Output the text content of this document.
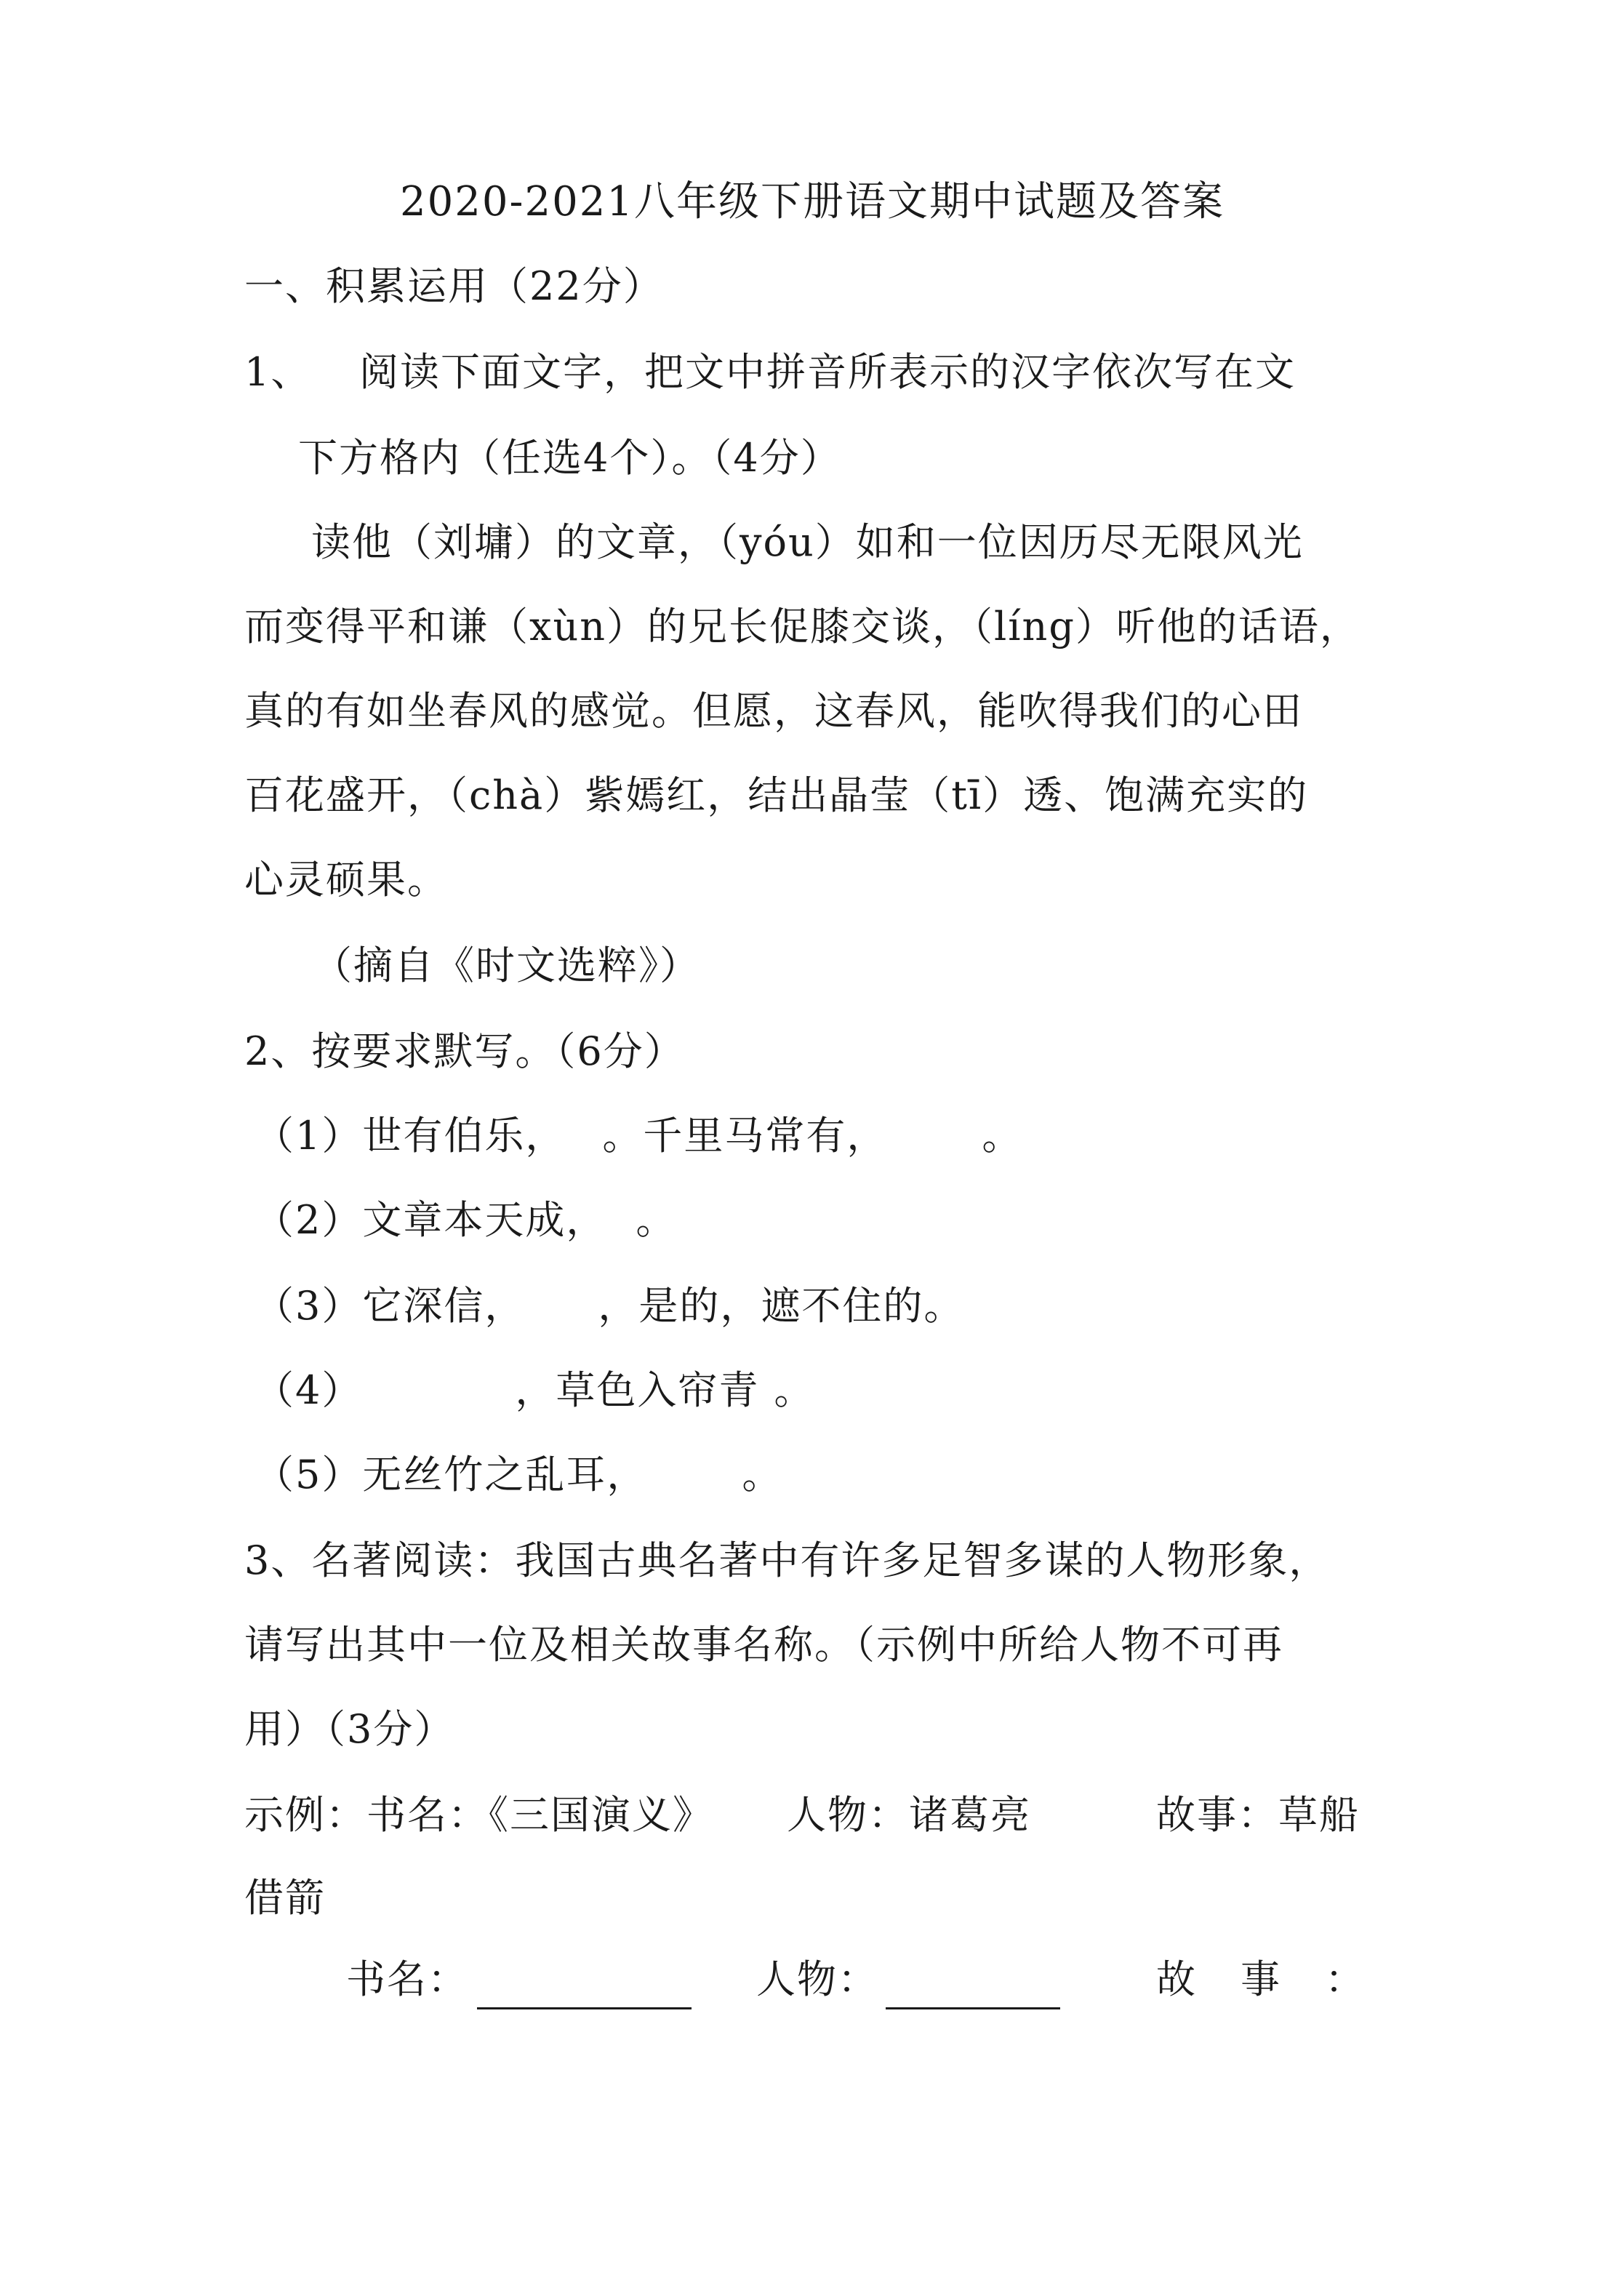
2020-2021八年级下册语文期中试题及答案
一、积累运用（22分）
1、 阅读下面文字，把文中拼音所表示的汉字依次写在文
下方格内（任选4个）。（4分）
读他（刘墉）的文章，（yóu）如和一位因历尽无限风光
而变得平和谦（xùn）的兄长促膝交谈，（líng）听他的话语，
真的有如坐春风的感觉。但愿，这春风，能吹得我们的心田
百花盛开，（chà）紫嫣红，结出晶莹（tī）透、饱满充实的
心灵硕果。
（摘自《时文选粹》）
2、按要求默写。（6分）
（1）世有伯乐， 。千里马常有， 。
（2）文章本天成， 。
（3）它深信， ，是的，遮不住的。
（4）	，草色入帘青 。
（5）无丝竹之乱耳， 。
3、名著阅读：我国古典名著中有许多足智多谋的人物形象，
请写出其中一位及相关故事名称。（示例中所给人物不可再
用）（3分）
示例：书名：《三国演义》 人物：诸葛亮	故事：草船
借箭
书名：	人物：	故　事　：
